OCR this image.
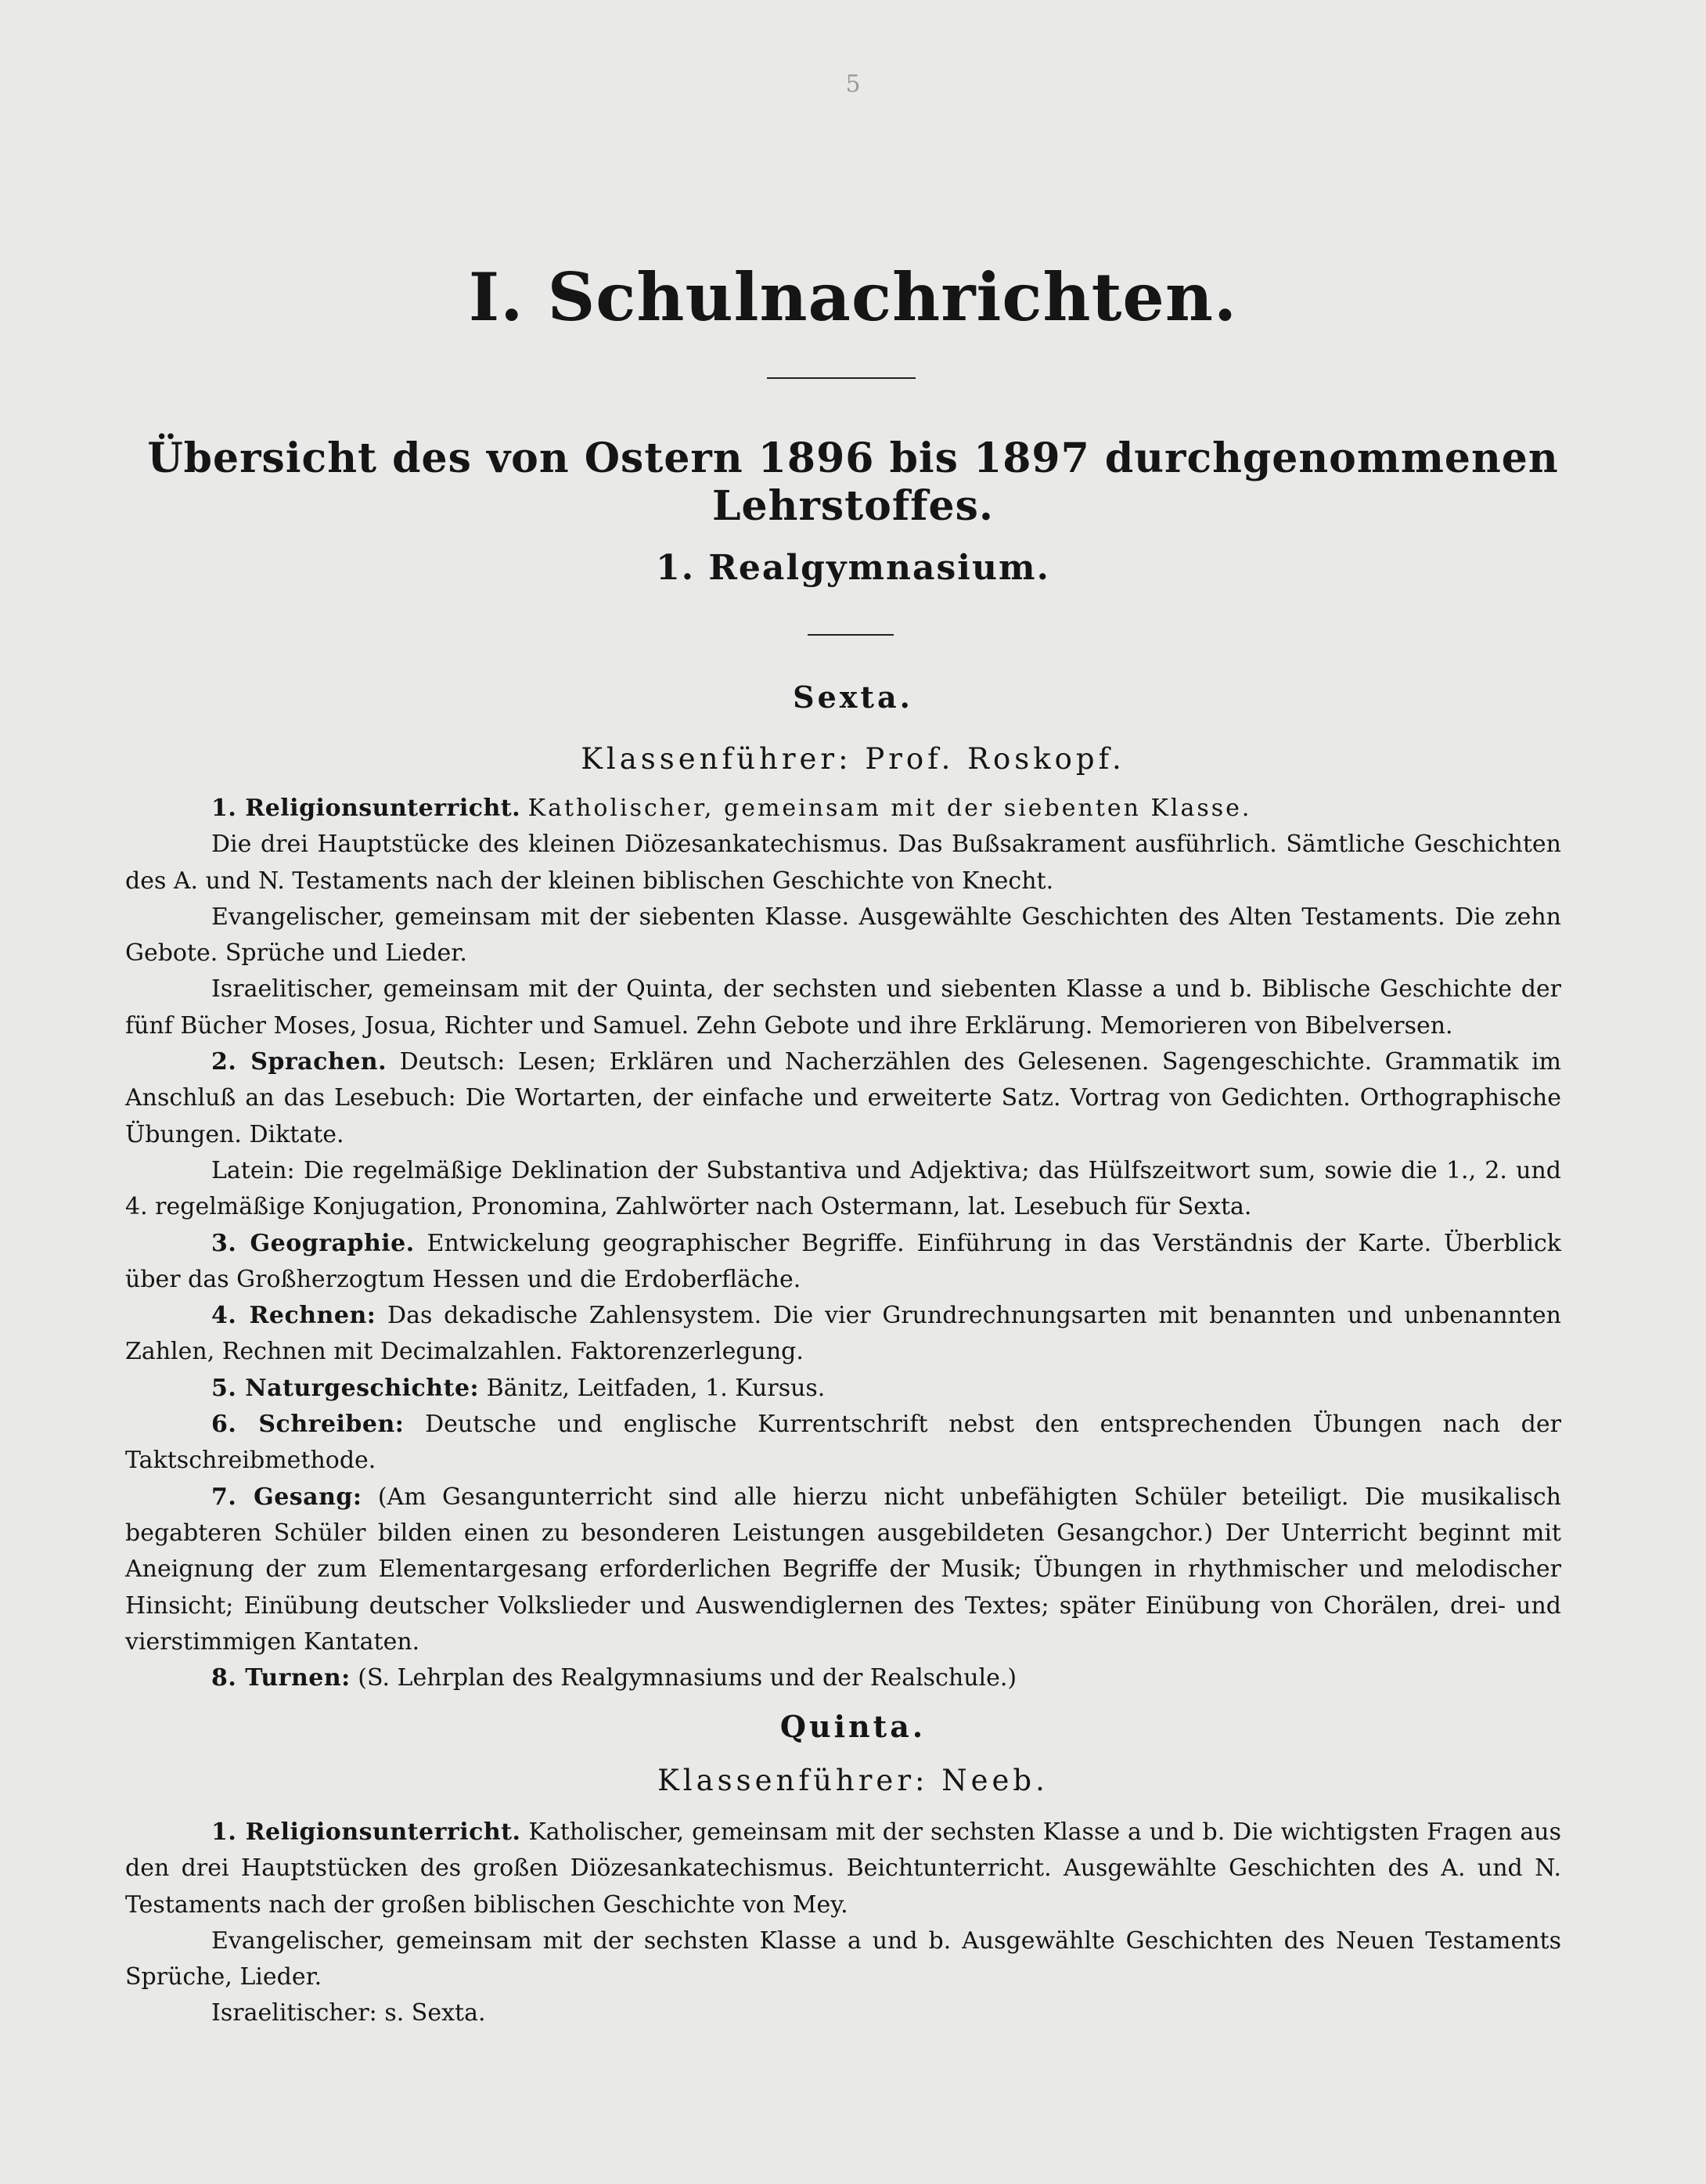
5
I. Schulnachrichten.
Übersicht des von Ostern 1896 bis 1897 durchgenommenen Lehrstoffes.
1. Realgymnasium.
Sexta.
Klassenführer: Prof. Roskopf.

1. Religionsunterricht. Katholischer, gemeinsam mit der siebenten Klasse.

Die drei Hauptstücke des kleinen Diözesankatechismus. Das Bußsakrament ausführlich. Sämtliche Geschichten des A. und N. Testaments nach der kleinen biblischen Geschichte von Knecht.

Evangelischer, gemeinsam mit der siebenten Klasse. Ausgewählte Geschichten des Alten Testaments. Die zehn Gebote. Sprüche und Lieder.

Israelitischer, gemeinsam mit der Quinta, der sechsten und siebenten Klasse a und b. Biblische Geschichte der fünf Bücher Moses, Josua, Richter und Samuel. Zehn Gebote und ihre Erklärung. Memorieren von Bibelversen.

2. Sprachen. Deutsch: Lesen; Erklären und Nacherzählen des Gelesenen. Sagengeschichte. Grammatik im Anschluß an das Lesebuch: Die Wortarten, der einfache und erweiterte Satz. Vortrag von Gedichten. Orthographische Übungen. Diktate.

Latein: Die regelmäßige Deklination der Substantiva und Adjektiva; das Hülfszeitwort sum, sowie die 1., 2. und 4. regelmäßige Konjugation, Pronomina, Zahlwörter nach Ostermann, lat. Lesebuch für Sexta.

3. Geographie. Entwickelung geographischer Begriffe. Einführung in das Verständnis der Karte. Überblick über das Großherzogtum Hessen und die Erdoberfläche.

4. Rechnen: Das dekadische Zahlensystem. Die vier Grundrechnungsarten mit benannten und unbenannten Zahlen, Rechnen mit Decimalzahlen. Faktorenzerlegung.

5. Naturgeschichte: Bänitz, Leitfaden, 1. Kursus.

6. Schreiben: Deutsche und englische Kurrentschrift nebst den entsprechenden Übungen nach der Taktschreibmethode.

7. Gesang: (Am Gesangunterricht sind alle hierzu nicht unbefähigten Schüler beteiligt. Die musikalisch begabteren Schüler bilden einen zu besonderen Leistungen ausgebildeten Gesangchor.) Der Unterricht beginnt mit Aneignung der zum Elementargesang erforderlichen Begriffe der Musik; Übungen in rhythmischer und melodischer Hinsicht; Einübung deutscher Volkslieder und Auswendiglernen des Textes; später Einübung von Chorälen, drei- und vierstimmigen Kantaten.

8. Turnen: (S. Lehrplan des Realgymnasiums und der Realschule.)

Quinta.
Klassenführer: Neeb.

1. Religionsunterricht. Katholischer, gemeinsam mit der sechsten Klasse a und b. Die wichtigsten Fragen aus den drei Hauptstücken des großen Diözesankatechismus. Beichtunterricht. Ausgewählte Geschichten des A. und N. Testaments nach der großen biblischen Geschichte von Mey.

Evangelischer, gemeinsam mit der sechsten Klasse a und b. Ausgewählte Geschichten des Neuen Testaments Sprüche, Lieder.

Israelitischer: s. Sexta.
